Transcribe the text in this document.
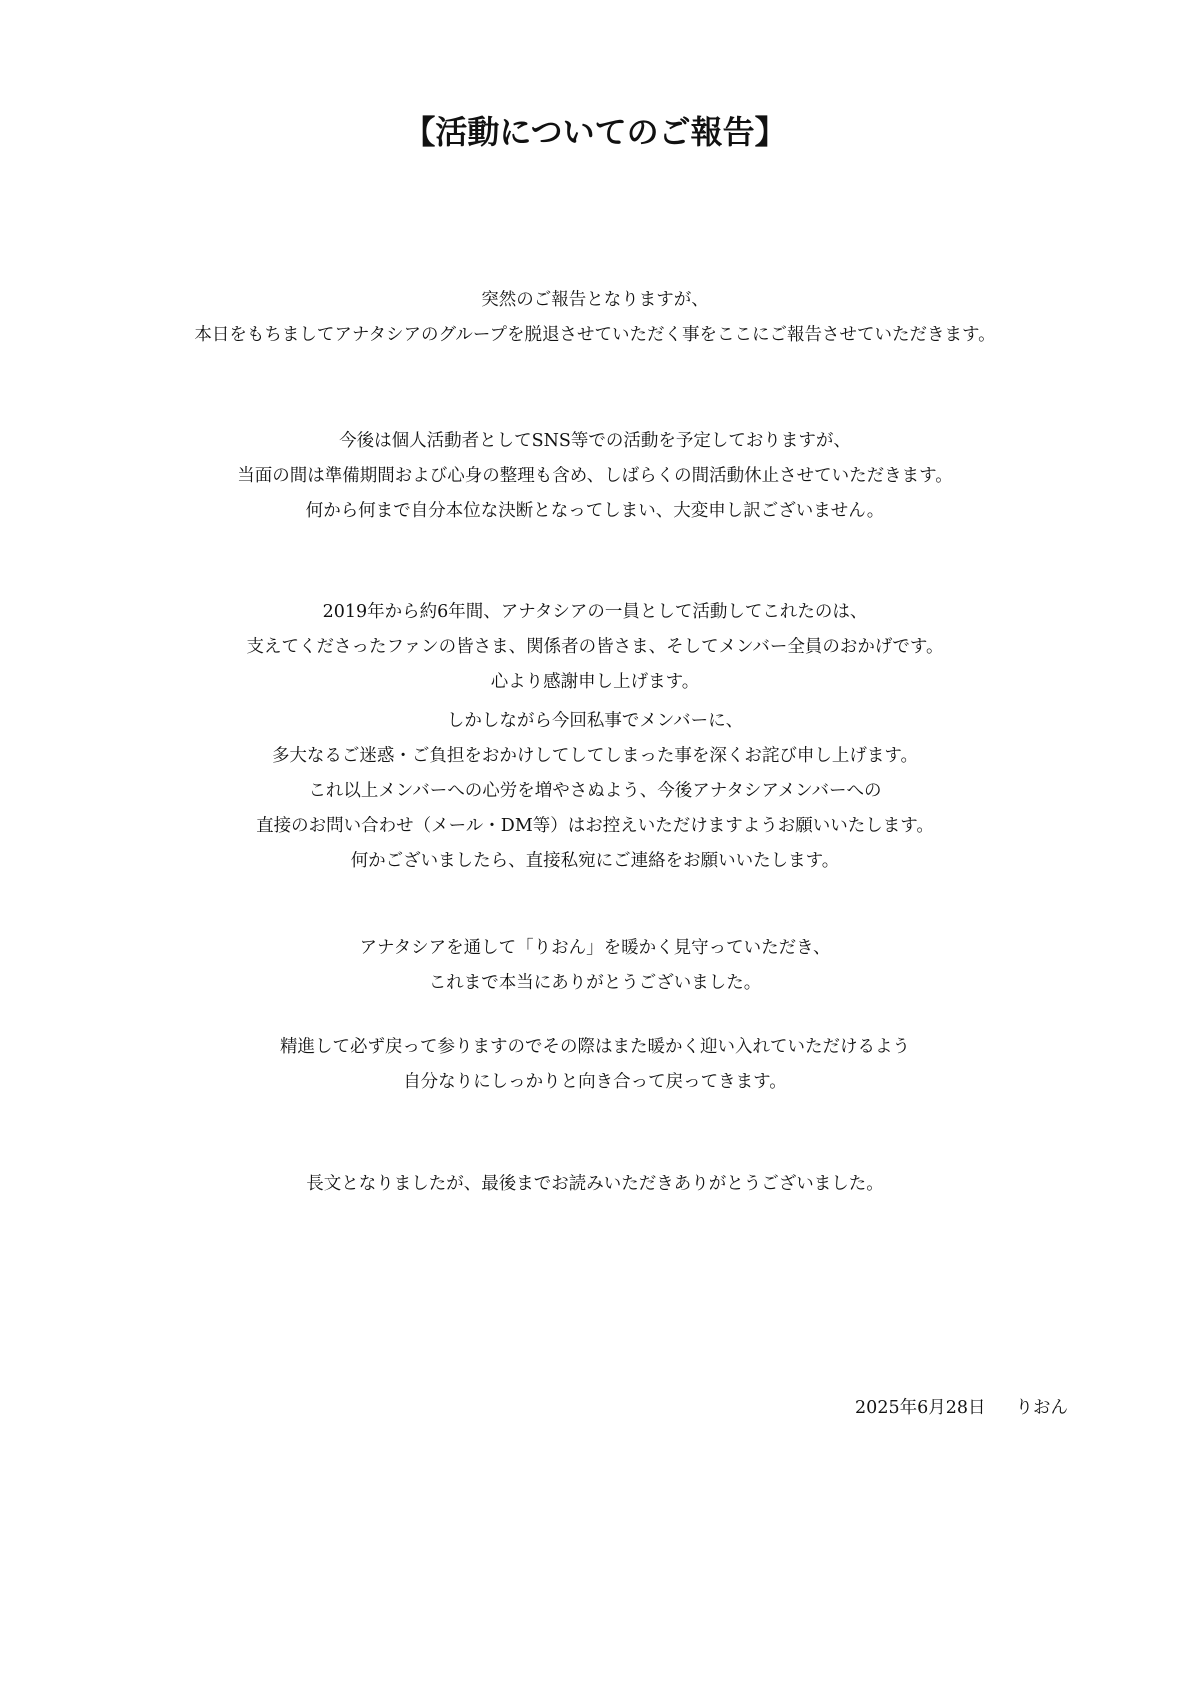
【活動についてのご報告】
突然のご報告となりますが、
本日をもちましてアナタシアのグループを脱退させていただく事をここにご報告させていただきます。
今後は個人活動者としてSNS等での活動を予定しておりますが、
当面の間は準備期間および心身の整理も含め、しばらくの間活動休止させていただきます。
何から何まで自分本位な決断となってしまい、大変申し訳ございません。
2019年から約6年間、アナタシアの一員として活動してこれたのは、
支えてくださったファンの皆さま、関係者の皆さま、そしてメンバー全員のおかげです。
心より感謝申し上げます。
しかしながら今回私事でメンバーに、
多大なるご迷惑・ご負担をおかけしてしてしまった事を深くお詫び申し上げます。
これ以上メンバーへの心労を増やさぬよう、今後アナタシアメンバーへの
直接のお問い合わせ（メール・DM等）はお控えいただけますようお願いいたします。
何かございましたら、直接私宛にご連絡をお願いいたします。
アナタシアを通して「りおん」を暖かく見守っていただき、
これまで本当にありがとうございました。
精進して必ず戻って参りますのでその際はまた暖かく迎い入れていただけるよう
自分なりにしっかりと向き合って戻ってきます。
長文となりましたが、最後までお読みいただきありがとうございました。

2025年6月28日 りおん
